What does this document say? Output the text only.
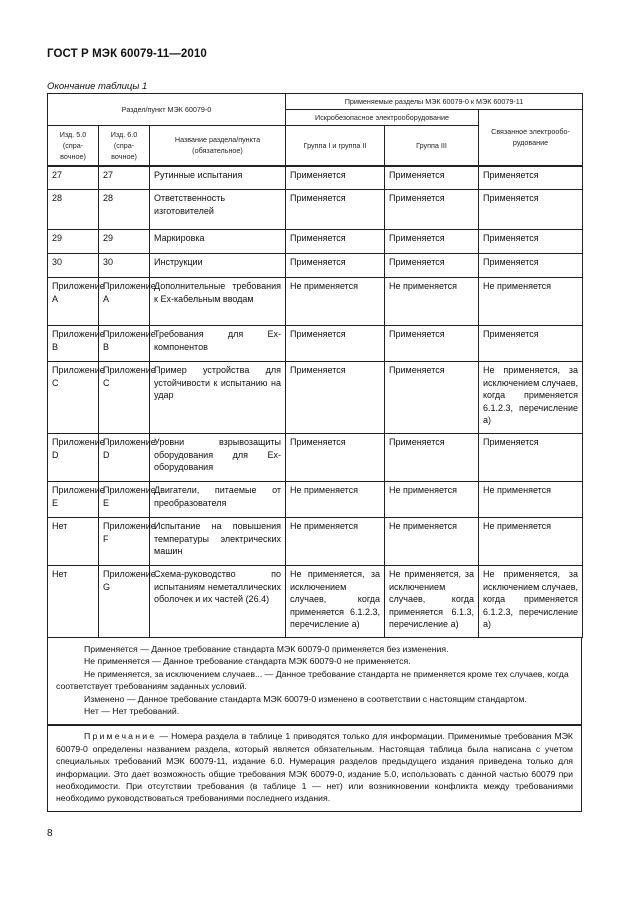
ГОСТ Р МЭК 60079-11—2010
Окончание таблицы 1
Раздел/пункт МЭК 60079-0			Применяемые разделы МЭК 60079-0 к МЭК 60079-11		
			Искробезопасное электрооборудование		Связанное электрообо-рудование
Изд. 5.0 (спра-вочное)	Изд. 6.0 (спра-вочное)	Название раздела/пункта (обязательное)	Группа I и группа II	Группа III	
27	27	Рутинные испытания	Применяется	Применяется	Применяется
28	28	Ответственность изготовителей	Применяется	Применяется	Применяется
29	29	Маркировка	Применяется	Применяется	Применяется
30	30	Инструкции	Применяется	Применяется	Применяется
Приложение A	Приложение A	Дополнительные требования к Ex-кабельным вводам	Не применяется	Не применяется	Не применяется
Приложение B	Приложение B	Требования для Ex-компонентов	Применяется	Применяется	Применяется
Приложение C	Приложение C	Пример устройства для устойчивости к испытанию на удар	Применяется	Применяется	Не применяется, за исключением случаев, когда применяется 6.1.2.3, перечисление а)
Приложение D	Приложение D	Уровни взрывозащиты оборудования для Ex-оборудования	Применяется	Применяется	Применяется
Приложение E	Приложение E	Двигатели, питаемые от преобразователя	Не применяется	Не применяется	Не применяется
Нет	Приложение F	Испытание на повышения температуры электрических машин	Не применяется	Не применяется	Не применяется
Нет	Приложение G	Схема-руководство по испытаниям неметаллических оболочек и их частей (26.4)	Не применяется, за исключением случаев, когда применяется 6.1.2.3, перечисление а)	Не применяется, за исключением случаев, когда применяется 6.1.3, перечисление а)	Не применяется, за исключением случаев, когда применяется 6.1.2.3, перечисление а)

Применяется — Данное требование стандарта МЭК 60079-0 применяется без изменения.

Не применяется — Данное требование стандарта МЭК 60079-0 не применяется.

Не применяется, за исключением случаев... — Данное требование стандарта не применяется кроме тех случаев, когда соответствует требованиям заданных условий.

Изменено — Данное требование стандарта МЭК 60079-0 изменено в соответствии с настоящим стандартом.

Нет — Нет требований.

Примечание — Номера раздела в таблице 1 приводятся только для информации. Применимые требования МЭК 60079-0 определены названием раздела, который является обязательным. Настоящая таблица была написана с учетом специальных требований МЭК 60079-11, издание 6.0. Нумерация разделов предыдущего издания приведена только для информации. Это дает возможность общие требования МЭК 60079-0, издание 5.0, использовать с данной частью 60079 при необходимости. При отсутствии требования (в таблице 1 — нет) или возникновении конфликта между требованиями необходимо руководствоваться требованиями последнего издания.

8
